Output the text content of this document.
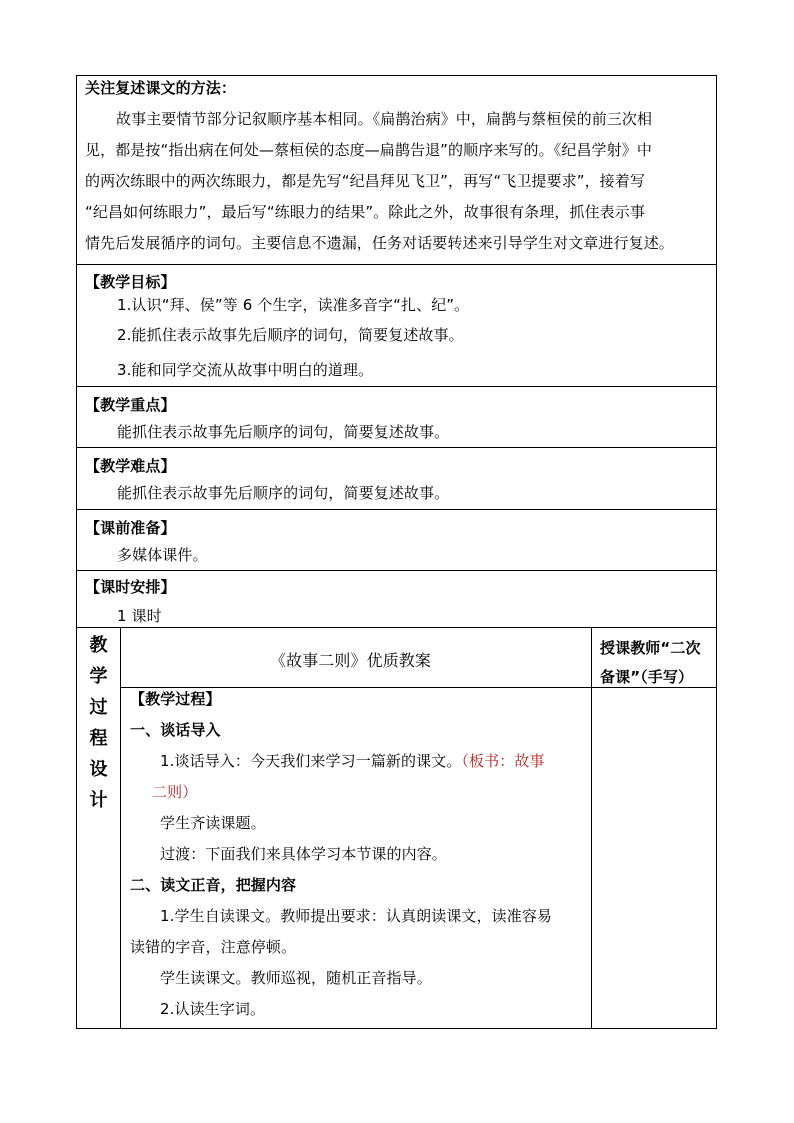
关注复述课文的方法：
故事主要情节部分记叙顺序基本相同。《扁鹊治病》中，扁鹊与蔡桓侯的前三次相
见，都是按“指出病在何处—蔡桓侯的态度—扁鹊告退”的顺序来写的。《纪昌学射》中
的两次练眼中的两次练眼力，都是先写“纪昌拜见飞卫”，再写“飞卫提要求”，接着写
“纪昌如何练眼力”，最后写“练眼力的结果”。除此之外，故事很有条理，抓住表示事
情先后发展循序的词句。主要信息不遗漏，任务对话要转述来引导学生对文章进行复述。
【教学目标】
1.认识“拜、侯”等 6 个生字，读准多音字“扎、纪”。
2.能抓住表示故事先后顺序的词句，简要复述故事。
3.能和同学交流从故事中明白的道理。
【教学重点】
能抓住表示故事先后顺序的词句，简要复述故事。
【教学难点】
能抓住表示故事先后顺序的词句，简要复述故事。
【课前准备】
多媒体课件。
【课时安排】
1 课时
教
学
过
程
设
计
《故事二则》优质教案
授课教师“二次
备课”（手写）
【教学过程】
一、谈话导入
1.谈话导入：今天我们来学习一篇新的课文。（板书：故事
二则）
学生齐读课题。
过渡：下面我们来具体学习本节课的内容。
二、读文正音，把握内容
1.学生自读课文。教师提出要求：认真朗读课文，读准容易
读错的字音，注意停顿。
学生读课文。教师巡视，随机正音指导。
2.认读生字词。
